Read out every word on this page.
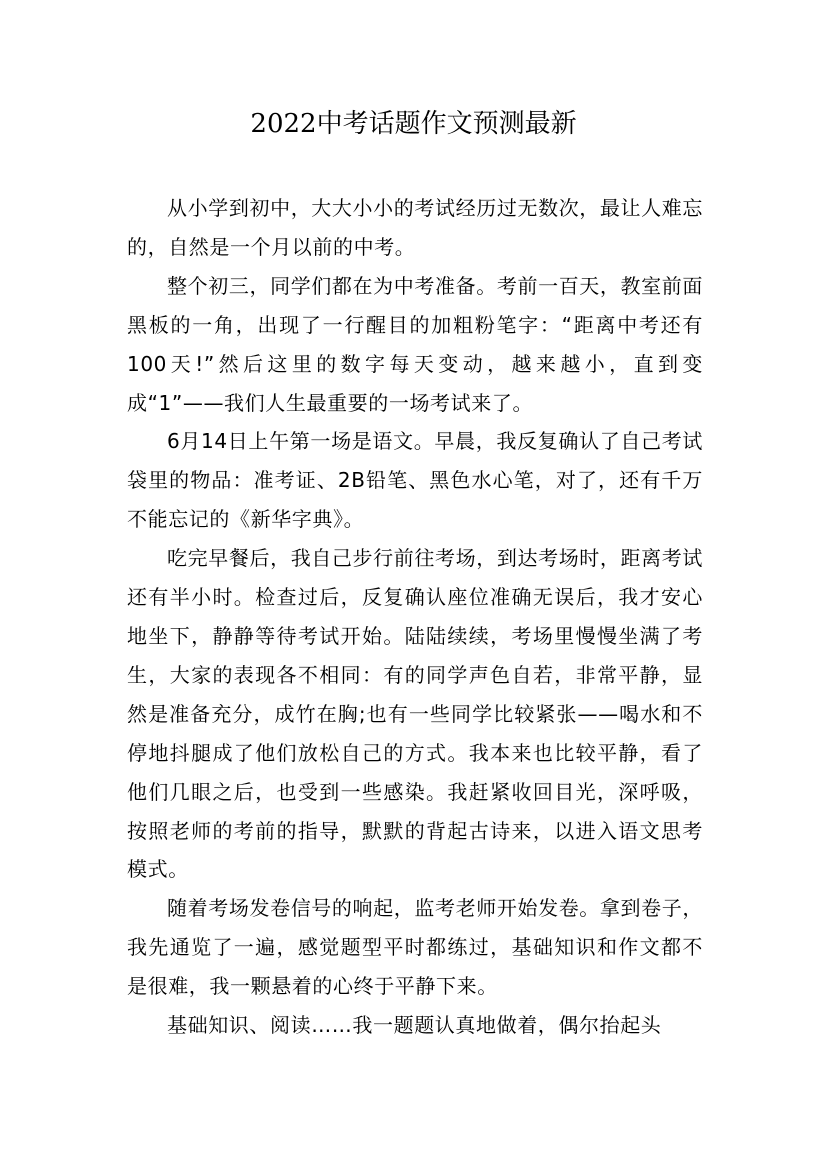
2022中考话题作文预测最新

从小学到初中，大大小小的考试经历过无数次，最让人难忘的，自然是一个月以前的中考。

整个初三，同学们都在为中考准备。考前一百天，教室前面黑板的一角，出现了一行醒目的加粗粉笔字：“距离中考还有100天!”然后这里的数字每天变动，越来越小，直到变成“1”——我们人生最重要的一场考试来了。

6月14日上午第一场是语文。早晨，我反复确认了自己考试袋里的物品：准考证、2B铅笔、黑色水心笔，对了，还有千万不能忘记的《新华字典》。

吃完早餐后，我自己步行前往考场，到达考场时，距离考试还有半小时。检查过后，反复确认座位准确无误后，我才安心地坐下，静静等待考试开始。陆陆续续，考场里慢慢坐满了考生，大家的表现各不相同：有的同学声色自若，非常平静，显然是准备充分，成竹在胸;也有一些同学比较紧张——喝水和不停地抖腿成了他们放松自己的方式。我本来也比较平静，看了他们几眼之后，也受到一些感染。我赶紧收回目光，深呼吸，按照老师的考前的指导，默默的背起古诗来，以进入语文思考模式。

随着考场发卷信号的响起，监考老师开始发卷。拿到卷子，我先通览了一遍，感觉题型平时都练过，基础知识和作文都不是很难，我一颗悬着的心终于平静下来。

基础知识、阅读……我一题题认真地做着，偶尔抬起头
